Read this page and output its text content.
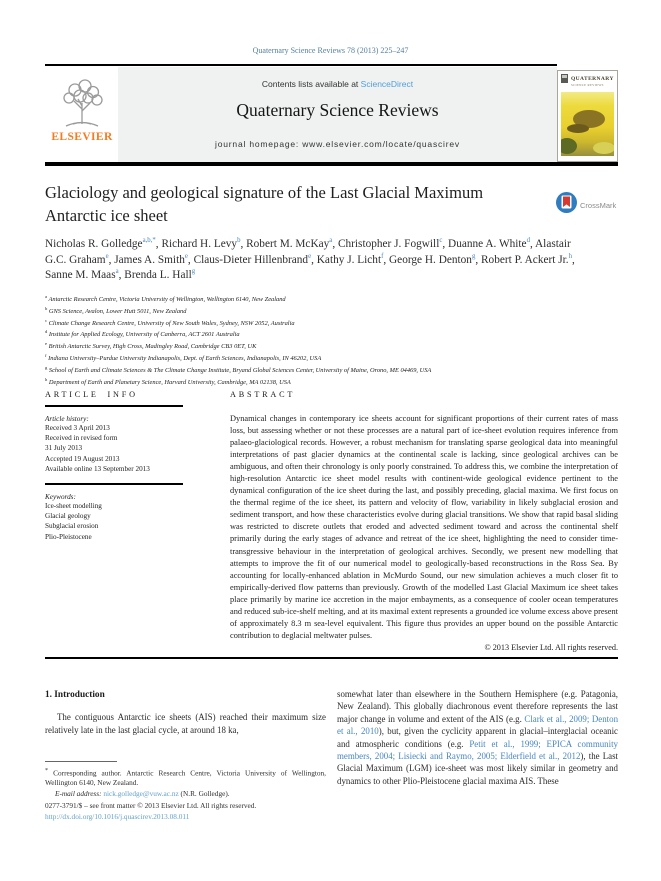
Quaternary Science Reviews 78 (2013) 225–247
Contents lists available at ScienceDirect
Quaternary Science Reviews
journal homepage: www.elsevier.com/locate/quascirev
ELSEVIER
QUATERNARY
SCIENCE REVIEWS
Glaciology and geological signature of the Last Glacial Maximum Antarctic ice sheet
CrossMark
Nicholas R. Golledge$^{a,b,*}$, Richard H. Levy$^b$, Robert M. McKay$^a$, Christopher J. Fogwill$^c$, Duanne A. White$^d$, Alastair G.C. Graham$^e$, James A. Smith$^e$, Claus-Dieter Hillenbrand$^e$, Kathy J. Licht$^f$, George H. Denton$^g$, Robert P. Ackert Jr.$^h$, Sanne M. Maas$^a$, Brenda L. Hall$^g$
$^a$ Antarctic Research Centre, Victoria University of Wellington, Wellington 6140, New Zealand
$^b$ GNS Science, Avalon, Lower Hutt 5011, New Zealand
$^c$ Climate Change Research Centre, University of New South Wales, Sydney, NSW 2052, Australia
$^d$ Institute for Applied Ecology, University of Canberra, ACT 2601 Australia
$^e$ British Antarctic Survey, High Cross, Madingley Road, Cambridge CB3 0ET, UK
$^f$ Indiana University–Purdue University Indianapolis, Dept. of Earth Sciences, Indianapolis, IN 46202, USA
$^g$ School of Earth and Climate Sciences & The Climate Change Institute, Bryand Global Sciences Center, University of Maine, Orono, ME 04469, USA
$^h$ Department of Earth and Planetary Science, Harvard University, Cambridge, MA 02138, USA
ARTICLE INFO
Article history:
Received 3 April 2013
Received in revised form
31 July 2013
Accepted 19 August 2013
Available online 13 September 2013
Keywords:
Ice-sheet modelling
Glacial geology
Subglacial erosion
Plio-Pleistocene
ABSTRACT

Dynamical changes in contemporary ice sheets account for significant proportions of their current rates of mass loss, but assessing whether or not these processes are a natural part of ice-sheet evolution requires inference from palaeo-glaciological records. However, a robust mechanism for translating sparse geological data into meaningful interpretations of past glacier dynamics at the continental scale is lacking, since geological archives can be ambiguous, and often their chronology is only poorly constrained. To address this, we combine the interpretation of high-resolution Antarctic ice sheet model results with continent-wide geological evidence pertinent to the dynamical configuration of the ice sheet during the last, and possibly preceding, glacial maxima. We first focus on the thermal regime of the ice sheet, its pattern and velocity of flow, variability in likely subglacial erosion and sediment transport, and how these characteristics evolve during glacial transitions. We show that rapid basal sliding was restricted to discrete outlets that eroded and advected sediment toward and across the continental shelf primarily during the early stages of advance and retreat of the ice sheet, highlighting the need to consider time-transgressive behaviour in the interpretation of geological archives. Secondly, we present new modelling that attempts to improve the fit of our numerical model to geologically-based reconstructions in the Ross Sea. By accounting for locally-enhanced ablation in McMurdo Sound, our new simulation achieves a much closer fit to empirically-derived flow patterns than previously. Growth of the modelled Last Glacial Maximum ice sheet takes place primarily by marine ice accretion in the major embayments, as a consequence of cooler ocean temperatures and reduced sub-ice-shelf melting, and at its maximal extent represents a grounded ice volume excess above present of approximately 8.3 m sea-level equivalent. This figure thus provides an upper bound on the possible Antarctic contribution to deglacial meltwater pulses.

© 2013 Elsevier Ltd. All rights reserved.
1. Introduction

The contiguous Antarctic ice sheets (AIS) reached their maximum size relatively late in the last glacial cycle, at around 18 ka,

somewhat later than elsewhere in the Southern Hemisphere (e.g. Patagonia, New Zealand). This globally diachronous event therefore represents the last major change in volume and extent of the AIS (e.g. Clark et al., 2009; Denton et al., 2010), but, given the cyclicity apparent in glacial–interglacial oceanic and atmospheric conditions (e.g. Petit et al., 1999; EPICA community members, 2004; Lisiecki and Raymo, 2005; Elderfield et al., 2012), the Last Glacial Maximum (LGM) ice-sheet was most likely similar in geometry and dynamics to other Plio-Pleistocene glacial maxima AIS. These
* Corresponding author. Antarctic Research Centre, Victoria University of Wellington, Wellington 6140, New Zealand.
E-mail address: nick.golledge@vuw.ac.nz (N.R. Golledge).
0277-3791/$ – see front matter © 2013 Elsevier Ltd. All rights reserved.
http://dx.doi.org/10.1016/j.quascirev.2013.08.011
